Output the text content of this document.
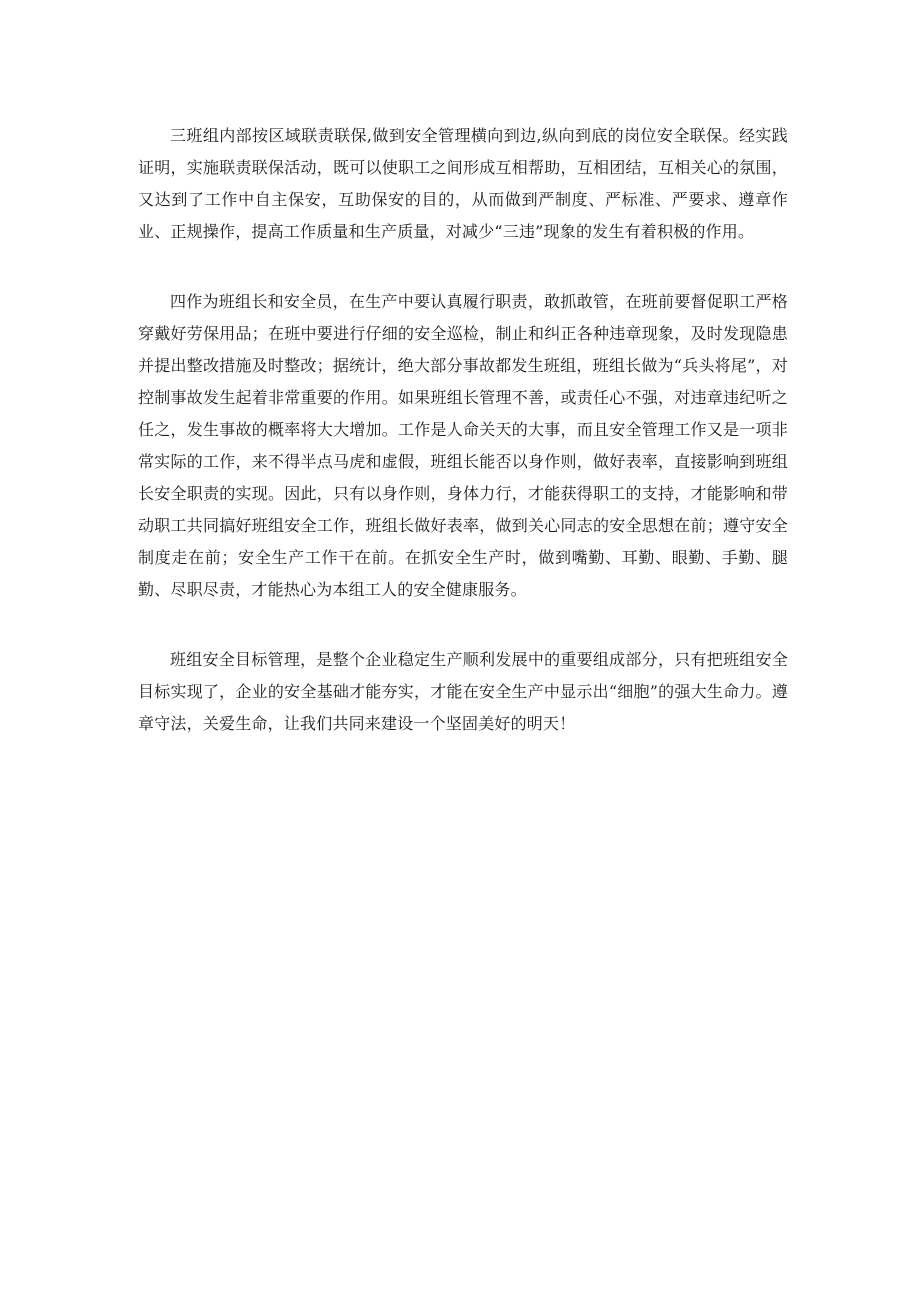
三班组内部按区域联责联保,做到安全管理横向到边,纵向到底的岗位安全联保。经实践证明，实施联责联保活动，既可以使职工之间形成互相帮助，互相团结，互相关心的氛围，又达到了工作中自主保安，互助保安的目的，从而做到严制度、严标准、严要求、遵章作业、正规操作，提高工作质量和生产质量，对减少“三违”现象的发生有着积极的作用。

四作为班组长和安全员，在生产中要认真履行职责，敢抓敢管，在班前要督促职工严格穿戴好劳保用品；在班中要进行仔细的安全巡检，制止和纠正各种违章现象，及时发现隐患并提出整改措施及时整改；据统计，绝大部分事故都发生班组，班组长做为“兵头将尾”，对控制事故发生起着非常重要的作用。如果班组长管理不善，或责任心不强，对违章违纪听之任之，发生事故的概率将大大增加。工作是人命关天的大事，而且安全管理工作又是一项非常实际的工作，来不得半点马虎和虚假，班组长能否以身作则，做好表率，直接影响到班组长安全职责的实现。因此，只有以身作则，身体力行，才能获得职工的支持，才能影响和带动职工共同搞好班组安全工作，班组长做好表率，做到关心同志的安全思想在前；遵守安全制度走在前；安全生产工作干在前。在抓安全生产时，做到嘴勤、耳勤、眼勤、手勤、腿勤、尽职尽责，才能热心为本组工人的安全健康服务。

班组安全目标管理，是整个企业稳定生产顺利发展中的重要组成部分，只有把班组安全目标实现了，企业的安全基础才能夯实，才能在安全生产中显示出“细胞”的强大生命力。遵章守法，关爱生命，让我们共同来建设一个坚固美好的明天！
